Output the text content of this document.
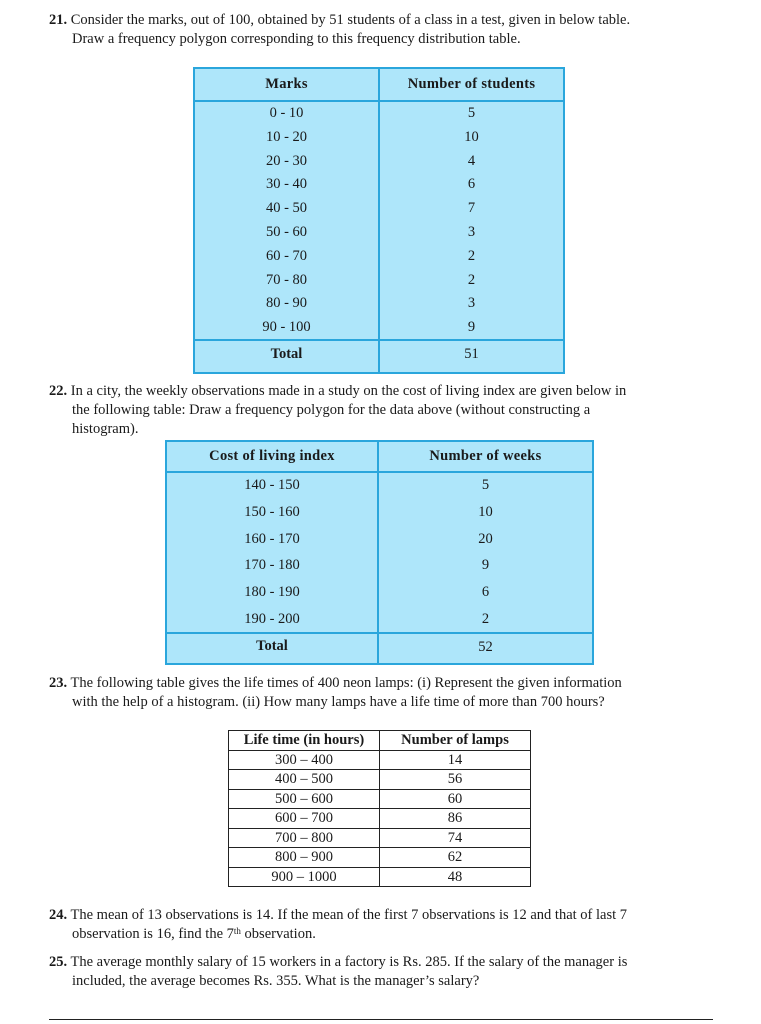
21. Consider the marks, out of 100, obtained by 51 students of a class in a test, given in below table.
Draw a frequency polygon corresponding to this frequency distribution table.
Marks	Number of students
0 - 10	5
10 - 20	10
20 - 30	4
30 - 40	6
40 - 50	7
50 - 60	3
60 - 70	2
70 - 80	2
80 - 90	3
90 - 100	9
Total	51
22. In a city, the weekly observations made in a study on the cost of living index are given below in
the following table: Draw a frequency polygon for the data above (without constructing a
histogram).
Cost of living index	Number of weeks
140 - 150	5
150 - 160	10
160 - 170	20
170 - 180	9
180 - 190	6
190 - 200	2
Total	52
23. The following table gives the life times of 400 neon lamps: (i) Represent the given information
with the help of a histogram. (ii) How many lamps have a life time of more than 700 hours?
Life time (in hours)	Number of lamps
300 – 400	14
400 – 500	56
500 – 600	60
600 – 700	86
700 – 800	74
800 – 900	62
900 – 1000	48
24. The mean of 13 observations is 14. If the mean of the first 7 observations is 12 and that of last 7
observation is 16, find the 7th observation.
25. The average monthly salary of 15 workers in a factory is Rs. 285. If the salary of the manager is
included, the average becomes Rs. 355. What is the manager’s salary?
